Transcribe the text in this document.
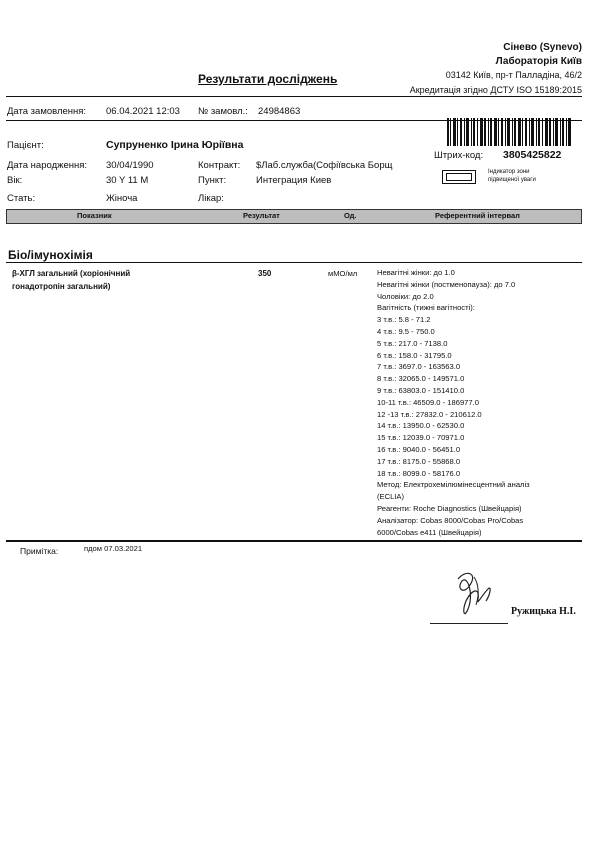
Сінево (Synevo)
Лабораторія Київ
03142 Київ, пр-т Палладіна, 46/2
Акредитація згідно ДСТУ ISO 15189:2015
Результати досліджень
Дата замовлення: 06.04.2021 12:03 № замовл.: 24984863
Пацієнт:	Супруненко Ірина Юріївна
Дата народження: 30/04/1990	Контракт: $Лаб.служба(Софіївська Борщ
Вік:	30 Y 11 M	Пункт:	Интеграция Киев
Стать:	Жіноча	Лікар:
Штрих-код: 3805425822
Індикатор зони
підвищеної уваги
Показник	Результат	Од.	Референтний інтервал
Біо/імунохімія
β-ХГЛ загальний (хоріонічний
гонадотропін загальний)
350	мМО/мл	Невагітні жінки: до 1.0
Невагітні жінки (постменопауза): до 7.0
Чоловіки: до 2.0
Вагітність (тижні вагітності):
3 т.в.: 5.8 - 71.2
4 т.в.: 9.5 - 750.0
5 т.в.: 217.0 - 7138.0
6 т.в.: 158.0 - 31795.0
7 т.в.: 3697.0 - 163563.0
8 т.в.: 32065.0 - 149571.0
9 т.в.: 63803.0 - 151410.0
10-11 т.в.: 46509.0 - 186977.0
12 -13 т.в.: 27832.0 - 210612.0
14 т.в.: 13950.0 - 62530.0
15 т.в.: 12039.0 - 70971.0
16 т.в.: 9040.0 - 56451.0
17 т.в.: 8175.0 - 55868.0
18 т.в.: 8099.0 - 58176.0
Метод: Електрохемілюмінесцентний аналіз
(ECLIA)
Реагенти: Roche Diagnostics (Швейцарія)
Аналізатор: Cobas 8000/Cobas Pro/Cobas
6000/Cobas e411 (Швейцарія)
Примітка:	пдом 07.03.2021
Ружицька Н.І.
